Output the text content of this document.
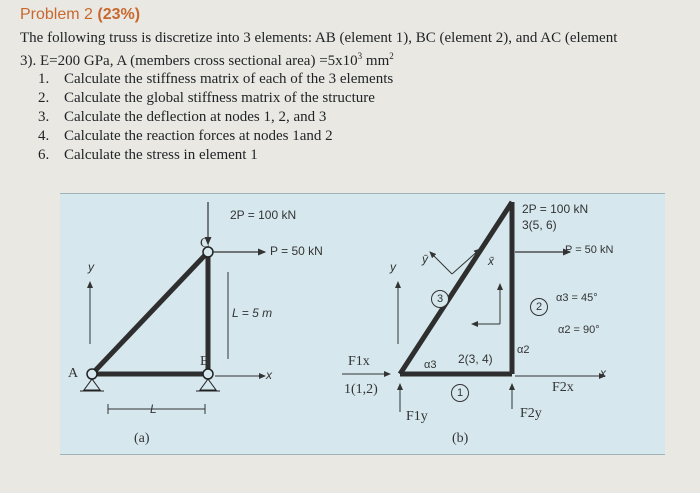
Problem 2 (23%)
The following truss is discretize into 3 elements: AB (element 1), BC (element 2), and AC (element
3). E=200 GPa, A (members cross sectional area) $=5x10^3$ $mm^2$
1. Calculate the stiffness matrix of each of the 3 elements
2. Calculate the global stiffness matrix of the structure
3. Calculate the deflection at nodes 1, 2, and 3
4. Calculate the reaction forces at nodes 1and 2
6. Calculate the stress in element 1
2P = 100 kN
C	P = 50 kN
y
L = 5 m
A
B
x
L
(a)
2P = 100 kN
3(5, 6)
P = 50 kN
y
ȳ	x̄
3
2
α3 = 45°
α2 = 90°
F1x	α3 2(3, 4)
α2
1(1,2)	1
F1y
F2x
F2y
x
(b)
